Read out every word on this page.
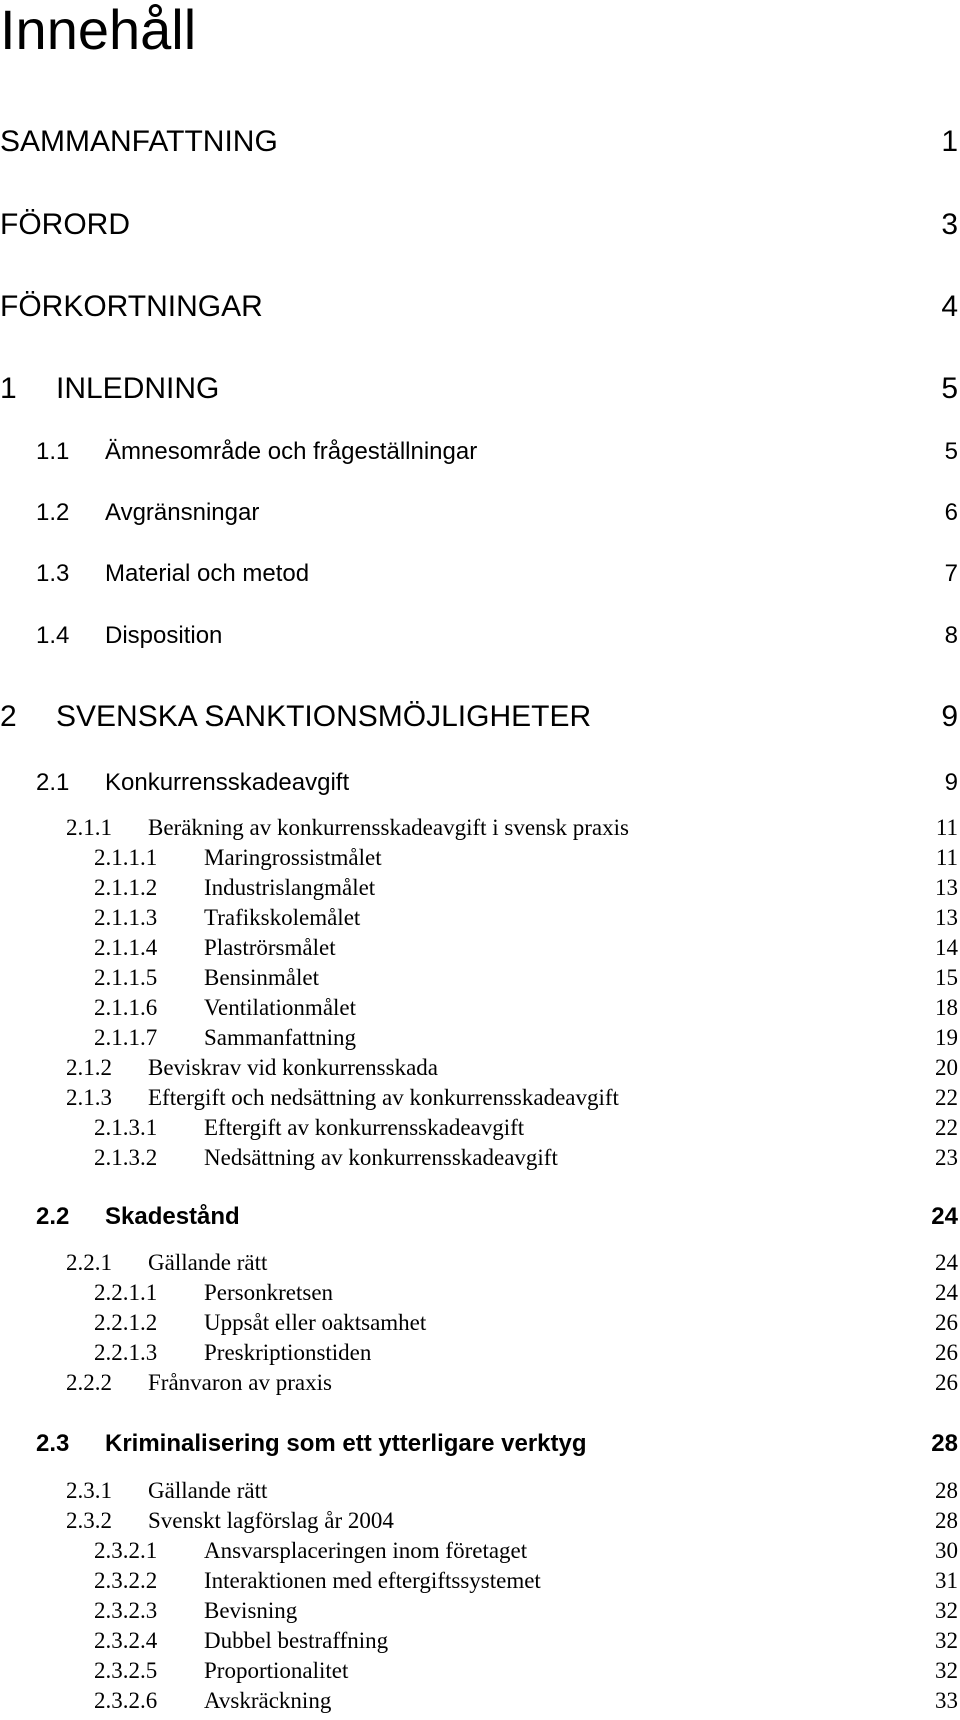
Innehåll
SAMMANFATTNING	1
FÖRORD	3
FÖRKORTNINGAR	4
1 INLEDNING	5
1.1 Ämnesområde och frågeställningar	5
1.2 Avgränsningar	6
1.3 Material och metod	7
1.4 Disposition	8
2 SVENSKA SANKTIONSMÖJLIGHETER	9
2.1 Konkurrensskadeavgift	9
2.1.1 Beräkning av konkurrensskadeavgift i svensk praxis	11
2.1.1.1 Maringrossistmålet	11
2.1.1.2 Industrislangmålet	13
2.1.1.3 Trafikskolemålet	13
2.1.1.4 Plaströrsmålet	14
2.1.1.5 Bensinmålet	15
2.1.1.6 Ventilationmålet	18
2.1.1.7 Sammanfattning	19
2.1.2 Beviskrav vid konkurrensskada	20
2.1.3 Eftergift och nedsättning av konkurrensskadeavgift	22
2.1.3.1 Eftergift av konkurrensskadeavgift	22
2.1.3.2 Nedsättning av konkurrensskadeavgift	23
2.2 Skadestånd	24
2.2.1 Gällande rätt	24
2.2.1.1 Personkretsen	24
2.2.1.2 Uppsåt eller oaktsamhet	26
2.2.1.3 Preskriptionstiden	26
2.2.2 Frånvaron av praxis	26
2.3 Kriminalisering som ett ytterligare verktyg	28
2.3.1 Gällande rätt	28
2.3.2 Svenskt lagförslag år 2004	28
2.3.2.1 Ansvarsplaceringen inom företaget	30
2.3.2.2 Interaktionen med eftergiftssystemet	31
2.3.2.3 Bevisning	32
2.3.2.4 Dubbel bestraffning	32
2.3.2.5 Proportionalitet	32
2.3.2.6 Avskräckning	33
